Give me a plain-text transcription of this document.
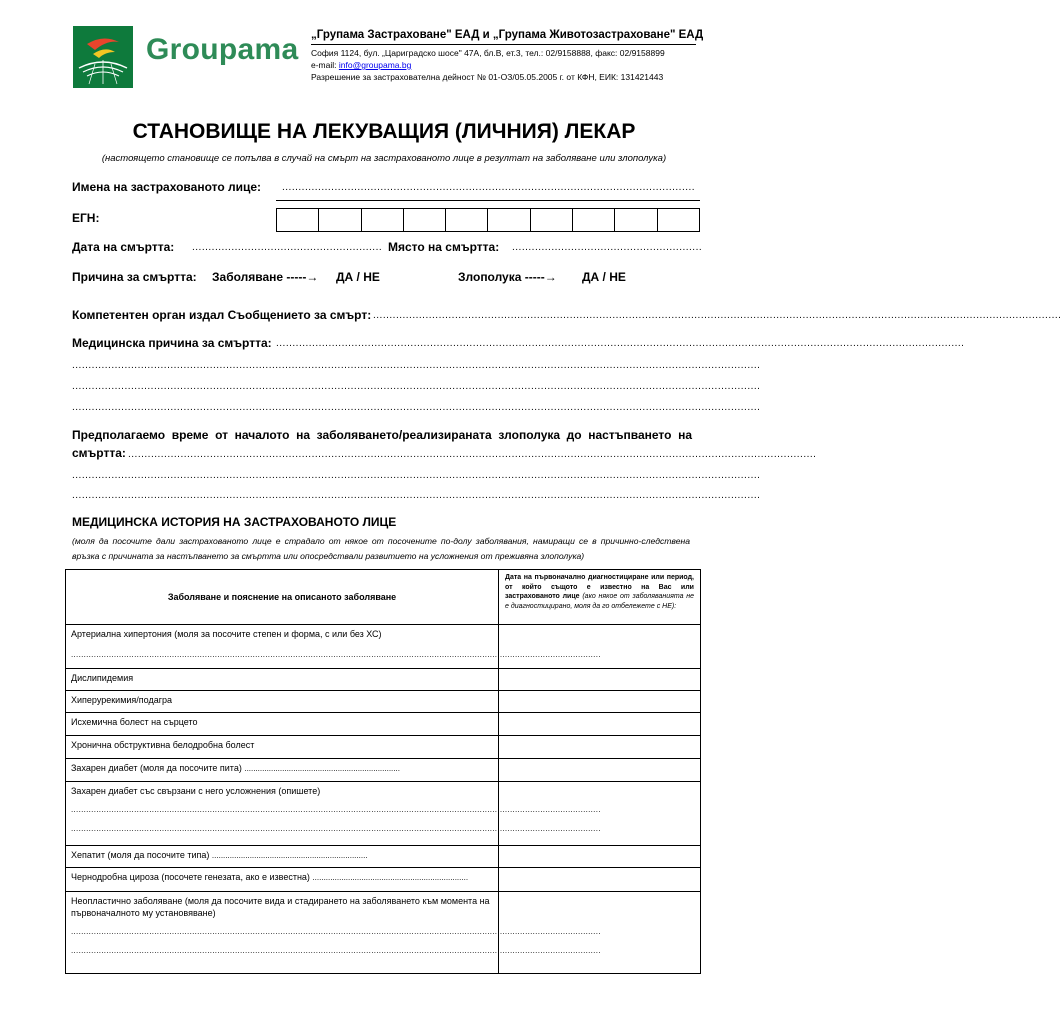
Groupama „Групама Застраховане" ЕАД и „Групама Животозастраховане" ЕАД
София 1124, бул. „Цариградско шосе" 47А, бл.В, ет.3, тел.: 02/9158888, факс: 02/9158899
e-mail: info@groupama.bg
Разрешение за застрахователна дейност № 01-ОЗ/05.05.2005 г. от КФН, ЕИК: 131421443
СТАНОВИЩЕ НА ЛЕКУВАЩИЯ (ЛИЧНИЯ) ЛЕКАР
(настоящето становище се попълва в случай на смърт на застрахованото лице в резултат на заболяване или злополука)
Имена на застрахованото лице: ..............................................................................................................................
ЕГН:
Дата на смъртта: .......................................................... Място на смъртта: ..........................................................
Причина за смъртта: Заболяване -----→ ДА / НЕ	Злополука -----→ ДА / НЕ
Компетентен орган издал Съобщението за смърт: ..................................................................................................................................................................................................................
Медицинска причина за смъртта: ..................................................................................................................................................................................................................
..................................................................................................................................................................................................................
..................................................................................................................................................................................................................
..................................................................................................................................................................................................................
Предполагаемо време от началото на заболяването/реализираната злополука до настъпването на
смъртта: ..................................................................................................................................................................................................................
..................................................................................................................................................................................................................
..................................................................................................................................................................................................................
МЕДИЦИНСКА ИСТОРИЯ НА ЗАСТРАХОВАНОТО ЛИЦЕ
(моля да посочите дали застрахованото лице е страдало от някое от посочените по-долу заболявания, намиращи се в причинно-следствена връзка с причината за настъпването за смъртта или опосредствали развитието на усложнения от преживяна злополука)
Заболяване и пояснение на описаното заболяване	Дата на първоначално диагностициране или период, от който същото е известно на Вас или застрахованото лице (ако някое от заболяванията не е диагностицирано, моля да го отбележете с НЕ):

Артериална хипертония (моля за посочите степен и форма, с или без ХС)
..................................................................................................................................................................................................................	

Дислипидемия	

Хиперурекимия/подагра	

Исхемична болест на сърцето	

Хронична обструктивна белодробна болест	

Захарен диабет (моля да посочите пита) ......................................................................	

Захарен диабет със свързани с него усложнения (опишете)
..................................................................................................................................................................................................................
..................................................................................................................................................................................................................	

Хепатит (моля да посочите типа) ......................................................................	

Чернодробна цироза (посочете генезата, ако е известна) ......................................................................	

Неопластично заболяване (моля да посочите вида и стадирането на заболяването към момента на първоначалното му установяване)
..................................................................................................................................................................................................................
..................................................................................................................................................................................................................	
